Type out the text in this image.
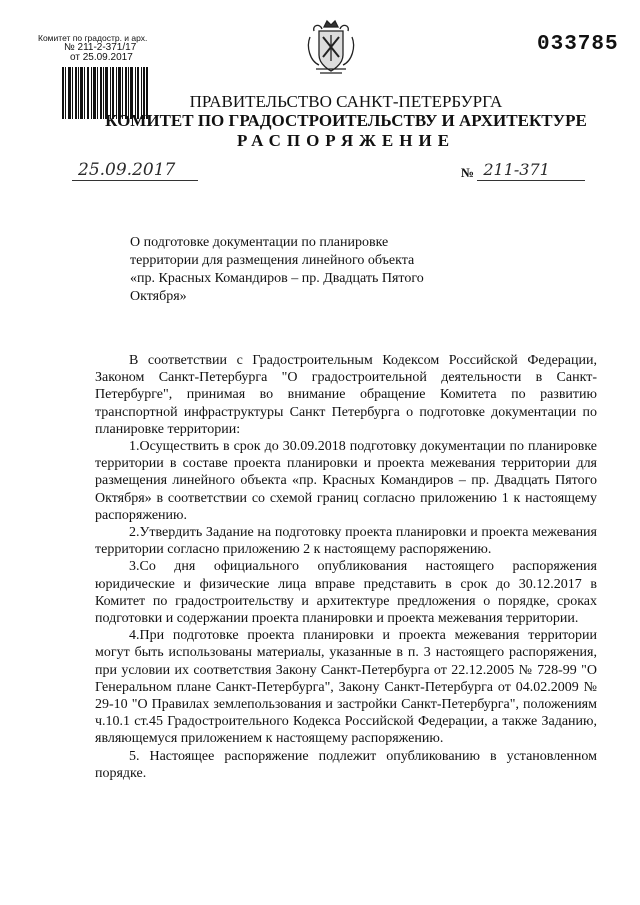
Комитет по градостр. и арх.
№ 211-2-371/17
от 25.09.2017
033785
ПРАВИТЕЛЬСТВО САНКТ-ПЕТЕРБУРГА
КОМИТЕТ ПО ГРАДОСТРОИТЕЛЬСТВУ И АРХИТЕКТУРЕ
РАСПОРЯЖЕНИЕ
25.09.2017	№ 211-371
О подготовке документации по планировке территории для размещения линейного объекта «пр. Красных Командиров – пр. Двадцать Пятого Октября»

В соответствии с Градостроительным Кодексом Российской Федерации, Законом Санкт-Петербурга "О градостроительной деятельности в Санкт-Петербурге", принимая во внимание обращение Комитета по развитию транспортной инфраструктуры Санкт Петербурга о подготовке документации по планировке территории:

1.Осуществить в срок до 30.09.2018 подготовку документации по планировке территории в составе проекта планировки и проекта межевания территории для размещения линейного объекта «пр. Красных Командиров – пр. Двадцать Пятого Октября» в соответствии со схемой границ согласно приложению 1 к настоящему распоряжению.

2.Утвердить Задание на подготовку проекта планировки и проекта межевания территории согласно приложению 2 к настоящему распоряжению.

3.Со дня официального опубликования настоящего распоряжения юридические и физические лица вправе представить в срок до 30.12.2017 в Комитет по градостроительству и архитектуре предложения о порядке, сроках подготовки и содержании проекта планировки и проекта межевания территории.

4.При подготовке проекта планировки и проекта межевания территории могут быть использованы материалы, указанные в п. 3 настоящего распоряжения, при условии их соответствия Закону Санкт-Петербурга от 22.12.2005 № 728-99 "О Генеральном плане Санкт-Петербурга", Закону Санкт-Петербурга от 04.02.2009 № 29-10 "О Правилах землепользования и застройки Санкт-Петербурга", положениям ч.10.1 ст.45 Градостроительного Кодекса Российской Федерации, а также Заданию, являющемуся приложением к настоящему распоряжению.

5. Настоящее распоряжение подлежит опубликованию в установленном порядке.
